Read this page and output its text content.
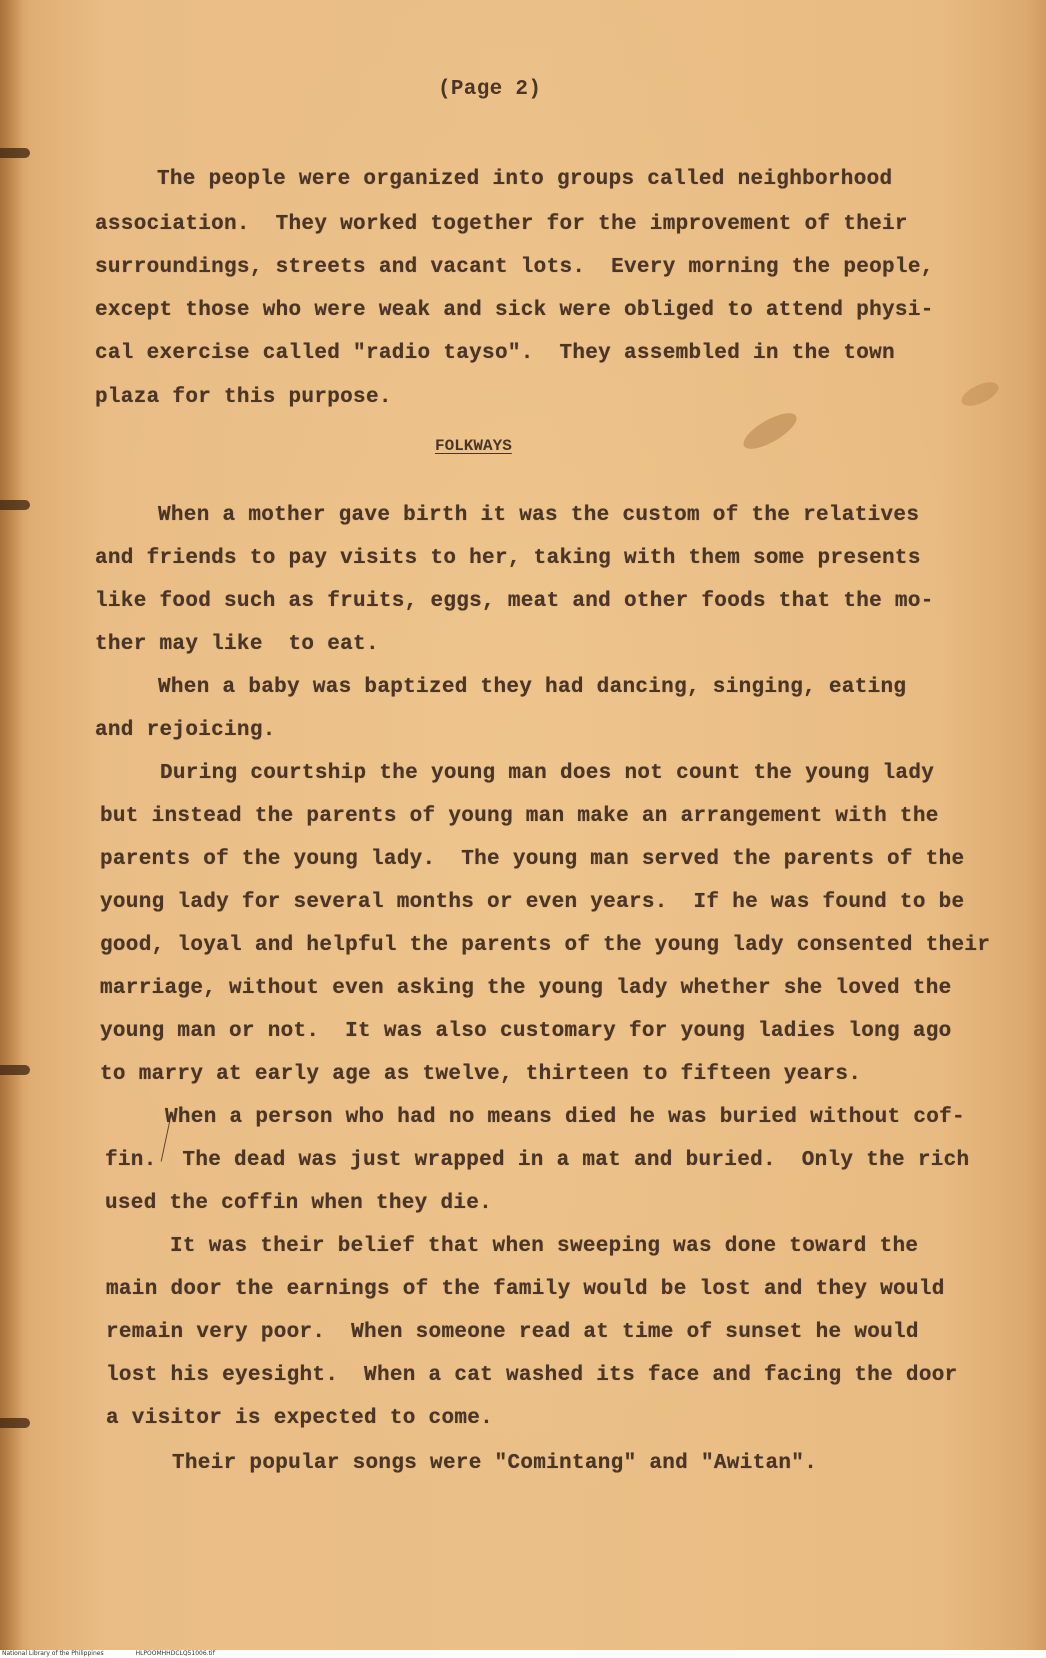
(Page 2)
The people were organized into groups called neighborhood
association.  They worked together for the improvement of their
surroundings, streets and vacant lots.  Every morning the people,
except those who were weak and sick were obliged to attend physi-
cal exercise called "radio tayso".  They assembled in the town
plaza for this purpose.
FOLKWAYS
When a mother gave birth it was the custom of the relatives
and friends to pay visits to her, taking with them some presents
like food such as fruits, eggs, meat and other foods that the mo-
ther may like  to eat.
When a baby was baptized they had dancing, singing, eating
and rejoicing.
During courtship the young man does not count the young lady
but instead the parents of young man make an arrangement with the
parents of the young lady.  The young man served the parents of the
young lady for several months or even years.  If he was found to be
good, loyal and helpful the parents of the young lady consented their
marriage, without even asking the young lady whether she loved the
young man or not.  It was also customary for young ladies long ago
to marry at early age as twelve, thirteen to fifteen years.
When a person who had no means died he was buried without cof-
fin.  The dead was just wrapped in a mat and buried.  Only the rich
used the coffin when they die.
It was their belief that when sweeping was done toward the
main door the earnings of the family would be lost and they would
remain very poor.  When someone read at time of sunset he would
lost his eyesight.  When a cat washed its face and facing the door
a visitor is expected to come.
Their popular songs were "Comintang" and "Awitan".
National Library of the Philippines	HLPOOMHHDCLQ51006.tif
